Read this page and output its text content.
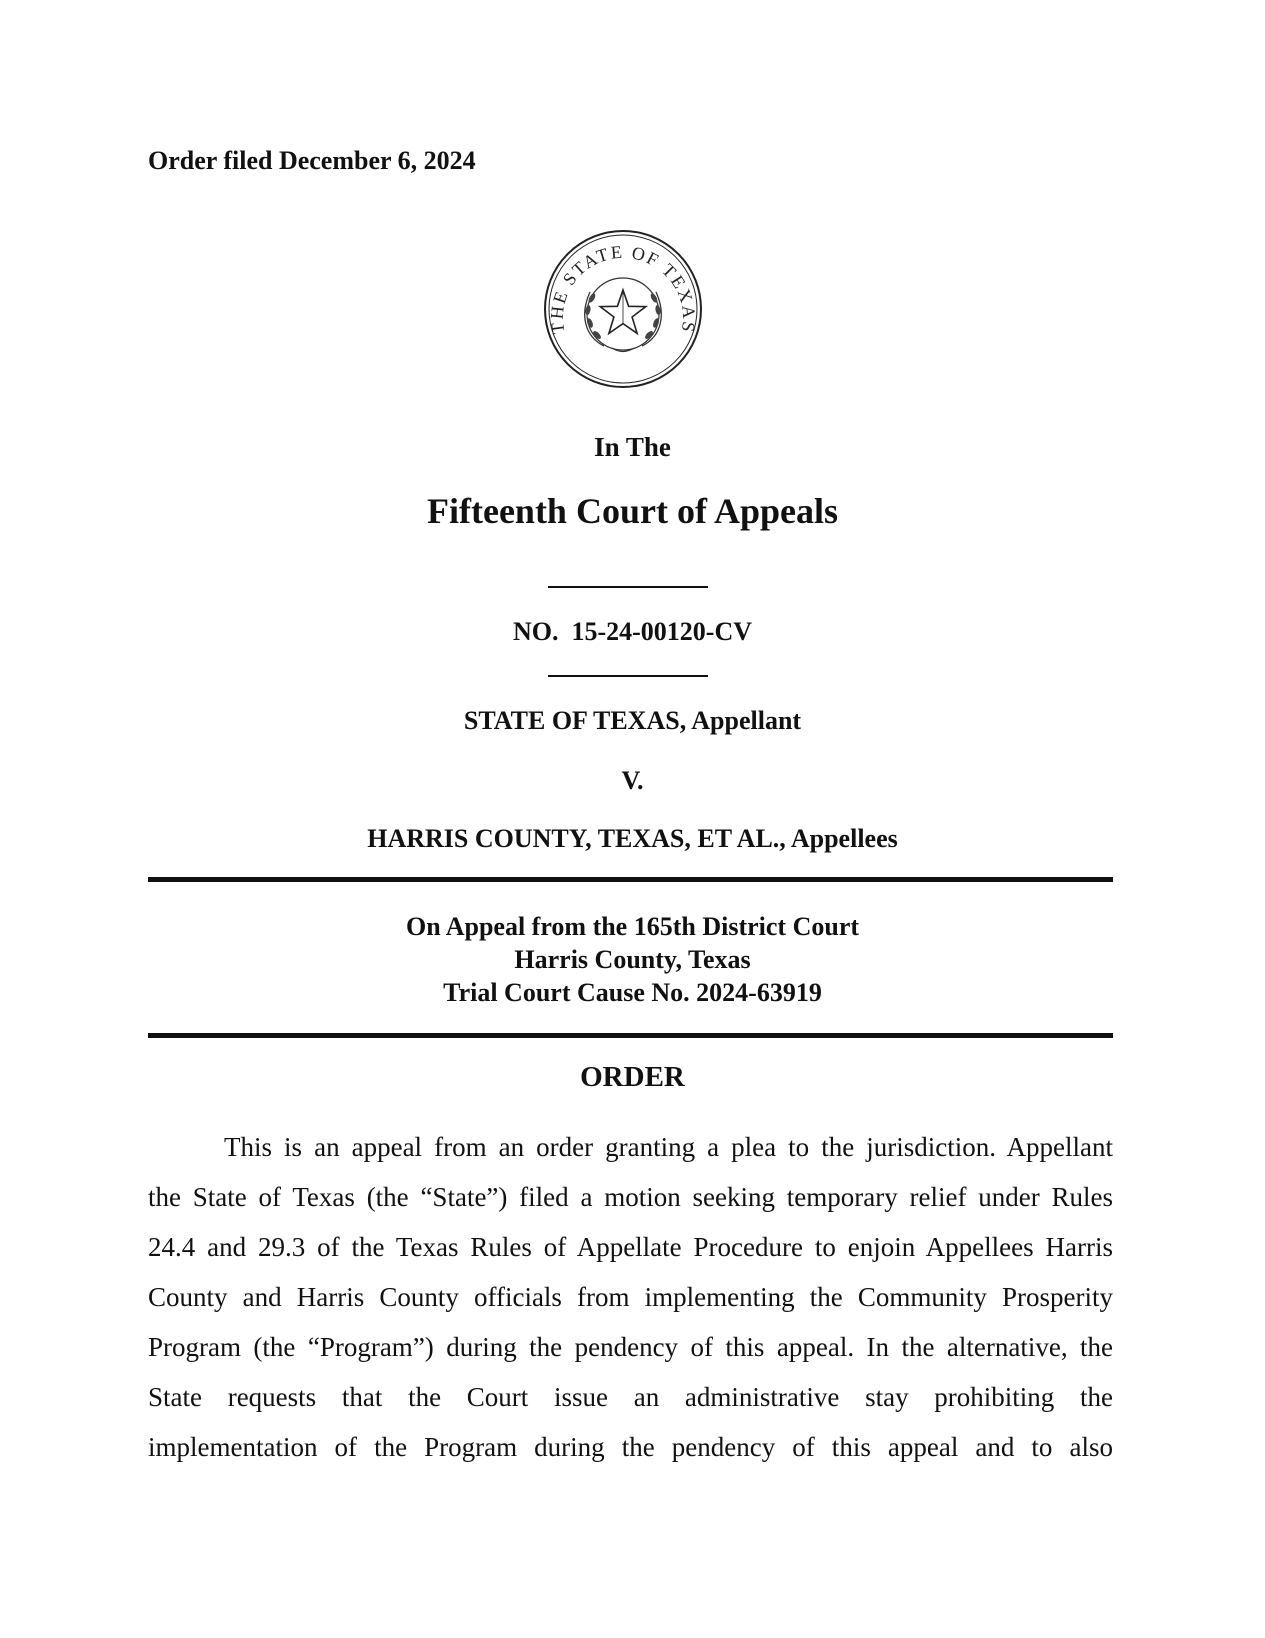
Order filed December 6, 2024
THE STATE OF TEXAS
In The
Fifteenth Court of Appeals
NO.  15-24-00120-CV
STATE OF TEXAS, Appellant
V.
HARRIS COUNTY, TEXAS, ET AL., Appellees
On Appeal from the 165th District Court
Harris County, Texas
Trial Court Cause No. 2024-63919
ORDER
This is an appeal from an order granting a plea to the jurisdiction. Appellant
the State of Texas (the “State”) filed a motion seeking temporary relief under Rules
24.4 and 29.3 of the Texas Rules of Appellate Procedure to enjoin Appellees Harris
County and Harris County officials from implementing the Community Prosperity
Program (the “Program”) during the pendency of this appeal. In the alternative, the
State requests that the Court issue an administrative stay prohibiting the
implementation of the Program during the pendency of this appeal and to also
